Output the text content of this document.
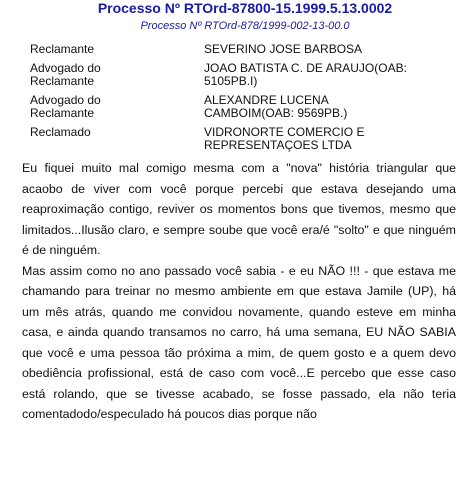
Processo Nº RTOrd-87800-15.1999.5.13.0002
Processo Nº RTOrd-878/1999-002-13-00.0
Reclamante	SEVERINO JOSE BARBOSA
Advogado do
Reclamante
JOAO BATISTA C. DE ARAUJO(OAB:
5105PB.I)
Advogado do
Reclamante
ALEXANDRE LUCENA
CAMBOIM(OAB: 9569PB.)
Reclamado	VIDRONORTE COMERCIO E
REPRESENTAÇOES LTDA

Eu fiquei muito mal comigo mesma com a "nova" história triangular que acaobo de viver com você porque percebi que estava desejando uma reaproximação contigo, reviver os momentos bons que tivemos, mesmo que limitados...Ilusão claro, e sempre soube que você era/é "solto" e que ninguém é de ninguém.

Mas assim como no ano passado você sabia - e eu NÃO !!! - que estava me chamando para treinar no mesmo ambiente em que estava Jamile (UP), há um mês atrás, quando me convidou novamente, quando esteve em minha casa, e ainda quando transamos no carro, há uma semana, EU NÃO SABIA que você e uma pessoa tão próxima a mim, de quem gosto e a quem devo obediência profissional, está de caso com você...E percebo que esse caso está rolando, que se tivesse acabado, se fosse passado, ela não teria comentadodo/especulado há poucos dias porque não
